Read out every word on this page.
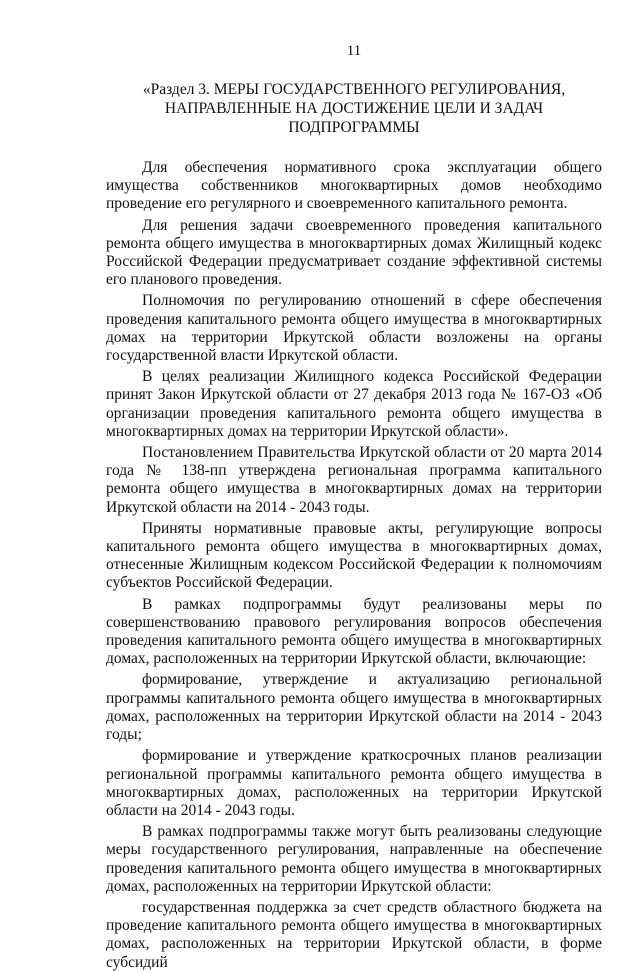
11
«Раздел 3. МЕРЫ ГОСУДАРСТВЕННОГО РЕГУЛИРОВАНИЯ,
НАПРАВЛЕННЫЕ НА ДОСТИЖЕНИЕ ЦЕЛИ И ЗАДАЧ
ПОДПРОГРАММЫ

Для обеспечения нормативного срока эксплуатации общего имущества собственников многоквартирных домов необходимо проведение его регулярного и своевременного капитального ремонта.

Для решения задачи своевременного проведения капитального ремонта общего имущества в многоквартирных домах Жилищный кодекс Российской Федерации предусматривает создание эффективной системы его планового проведения.

Полномочия по регулированию отношений в сфере обеспечения проведения капитального ремонта общего имущества в многоквартирных домах на территории Иркутской области возложены на органы государственной власти Иркутской области.

В целях реализации Жилищного кодекса Российской Федерации принят Закон Иркутской области от 27 декабря 2013 года № 167-ОЗ «Об организации проведения капитального ремонта общего имущества в многоквартирных домах на территории Иркутской области».

Постановлением Правительства Иркутской области от 20 марта 2014 года № 138-пп утверждена региональная программа капитального ремонта общего имущества в многоквартирных домах на территории Иркутской области на 2014 - 2043 годы.

Приняты нормативные правовые акты, регулирующие вопросы капитального ремонта общего имущества в многоквартирных домах, отнесенные Жилищным кодексом Российской Федерации к полномочиям субъектов Российской Федерации.

В рамках подпрограммы будут реализованы меры по совершенствованию правового регулирования вопросов обеспечения проведения капитального ремонта общего имущества в многоквартирных домах, расположенных на территории Иркутской области, включающие:

формирование, утверждение и актуализацию региональной программы капитального ремонта общего имущества в многоквартирных домах, расположенных на территории Иркутской области на 2014 - 2043 годы;

формирование и утверждение краткосрочных планов реализации региональной программы капитального ремонта общего имущества в многоквартирных домах, расположенных на территории Иркутской области на 2014 - 2043 годы.

В рамках подпрограммы также могут быть реализованы следующие меры государственного регулирования, направленные на обеспечение проведения капитального ремонта общего имущества в многоквартирных домах, расположенных на территории Иркутской области:

государственная поддержка за счет средств областного бюджета на проведение капитального ремонта общего имущества в многоквартирных домах, расположенных на территории Иркутской области, в форме субсидий
